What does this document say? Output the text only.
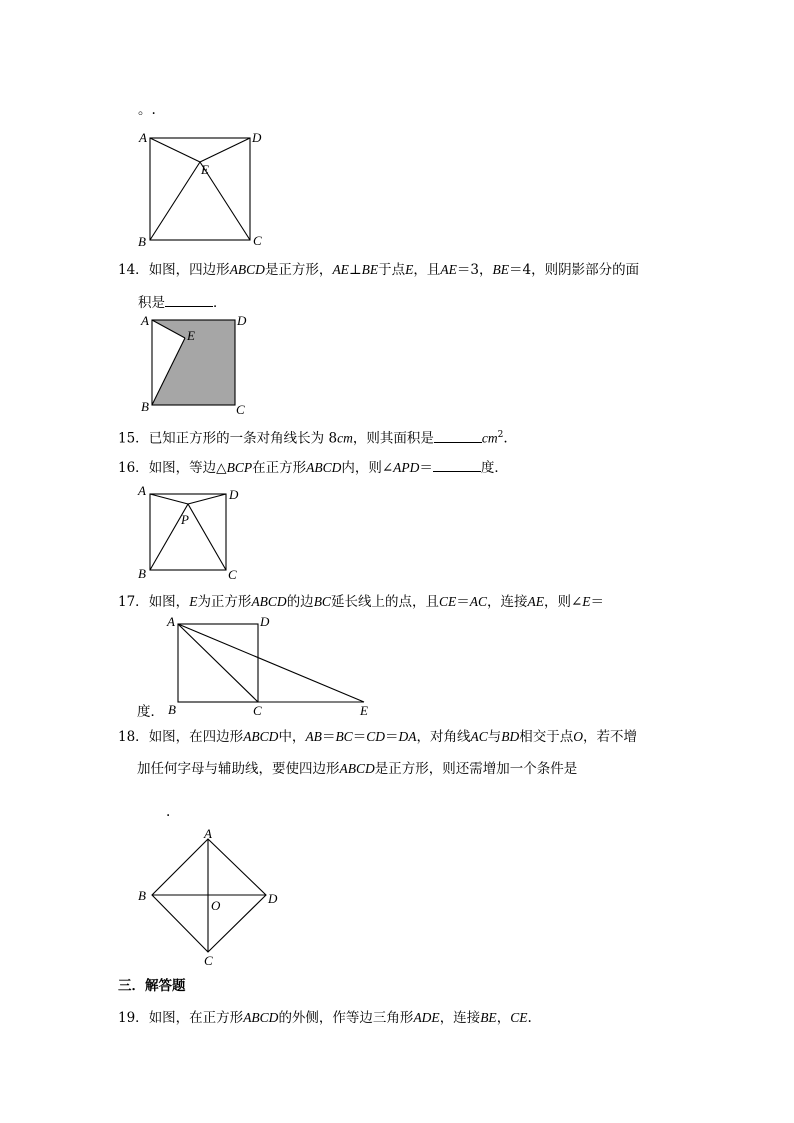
。.
A	D
E
B	C
14．如图，四边形ABCD是正方形，AE⊥BE于点E，且AE＝3，BE＝4，则阴影部分的面
积是	．
A	D
E
B	C
15．已知正方形的一条对角线长为 8cm，则其面积是	$cm^2$.
16．如图，等边△BCP在正方形ABCD内，则∠APD＝	度．
A	D
P
B	C
17．如图，E为正方形ABCD的边BC延长线上的点，且CE＝AC，连接AE，则∠E＝
A	D
B	C	E
度．
18．如图，在四边形ABCD中，AB＝BC＝CD＝DA，对角线AC与BD相交于点O，若不增
加任何字母与辅助线，要使四边形ABCD是正方形，则还需增加一个条件是
.
A
B	D
O
C
三．解答题
19．如图，在正方形ABCD的外侧，作等边三角形ADE，连接BE，CE.
